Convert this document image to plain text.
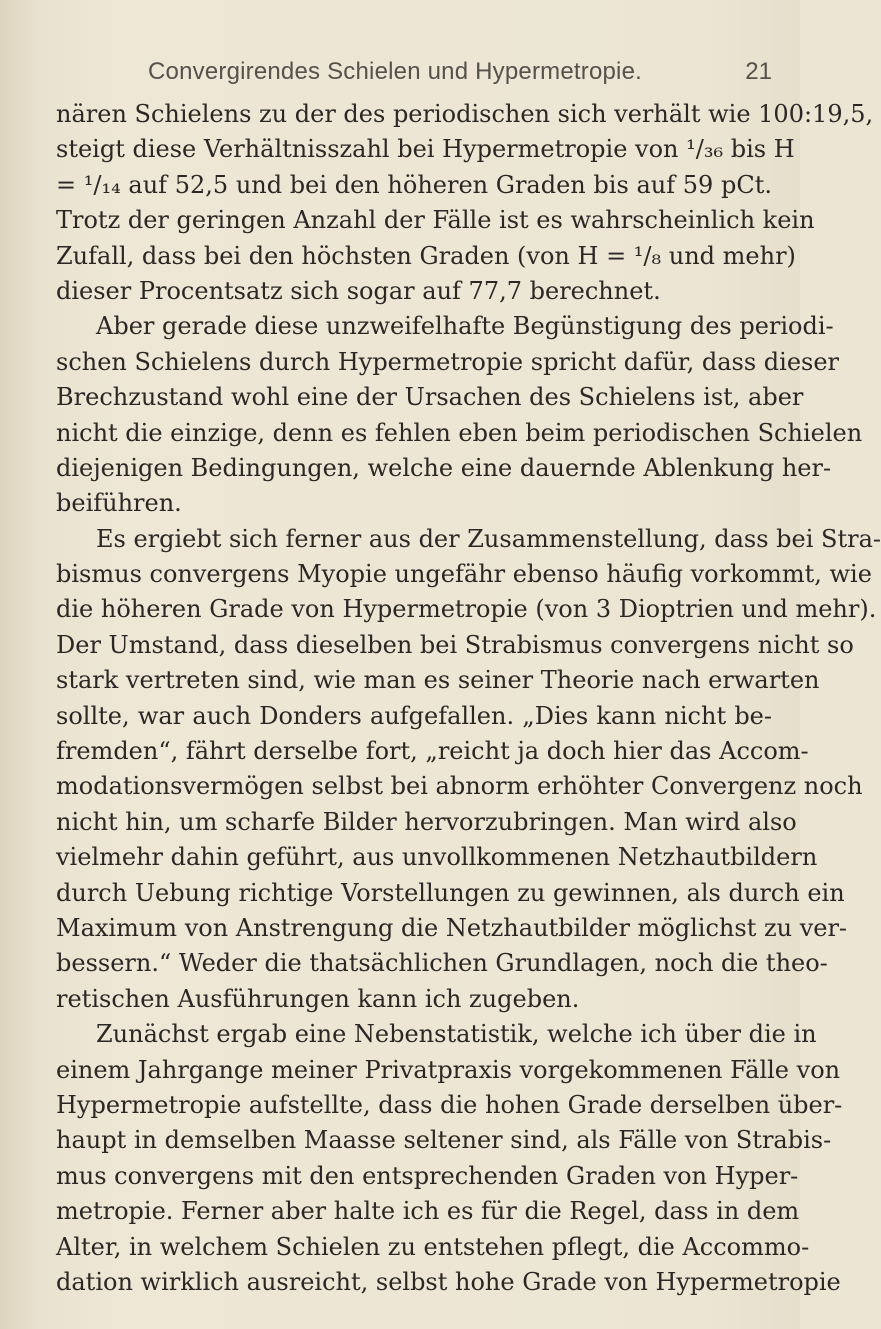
Convergirendes Schielen und Hypermetropie.	21
nären Schielens zu der des periodischen sich verhält wie 100:19,5,
steigt diese Verhältnisszahl bei Hypermetropie von ¹/₃₆ bis H
= ¹/₁₄ auf 52,5 und bei den höheren Graden bis auf 59 pCt.
Trotz der geringen Anzahl der Fälle ist es wahrscheinlich kein
Zufall, dass bei den höchsten Graden (von H = ¹/₈ und mehr)
dieser Procentsatz sich sogar auf 77,7 berechnet.
Aber gerade diese unzweifelhafte Begünstigung des periodi-
schen Schielens durch Hypermetropie spricht dafür, dass dieser
Brechzustand wohl eine der Ursachen des Schielens ist, aber
nicht die einzige, denn es fehlen eben beim periodischen Schielen
diejenigen Bedingungen, welche eine dauernde Ablenkung her-
beiführen.
Es ergiebt sich ferner aus der Zusammenstellung, dass bei Stra-
bismus convergens Myopie ungefähr ebenso häufig vorkommt, wie
die höheren Grade von Hypermetropie (von 3 Dioptrien und mehr).
Der Umstand, dass dieselben bei Strabismus convergens nicht so
stark vertreten sind, wie man es seiner Theorie nach erwarten
sollte, war auch Donders aufgefallen. „Dies kann nicht be-
fremden“, fährt derselbe fort, „reicht ja doch hier das Accom-
modationsvermögen selbst bei abnorm erhöhter Convergenz noch
nicht hin, um scharfe Bilder hervorzubringen. Man wird also
vielmehr dahin geführt, aus unvollkommenen Netzhautbildern
durch Uebung richtige Vorstellungen zu gewinnen, als durch ein
Maximum von Anstrengung die Netzhautbilder möglichst zu ver-
bessern.“ Weder die thatsächlichen Grundlagen, noch die theo-
retischen Ausführungen kann ich zugeben.
Zunächst ergab eine Nebenstatistik, welche ich über die in
einem Jahrgange meiner Privatpraxis vorgekommenen Fälle von
Hypermetropie aufstellte, dass die hohen Grade derselben über-
haupt in demselben Maasse seltener sind, als Fälle von Strabis-
mus convergens mit den entsprechenden Graden von Hyper-
metropie. Ferner aber halte ich es für die Regel, dass in dem
Alter, in welchem Schielen zu entstehen pflegt, die Accommo-
dation wirklich ausreicht, selbst hohe Grade von Hypermetropie
